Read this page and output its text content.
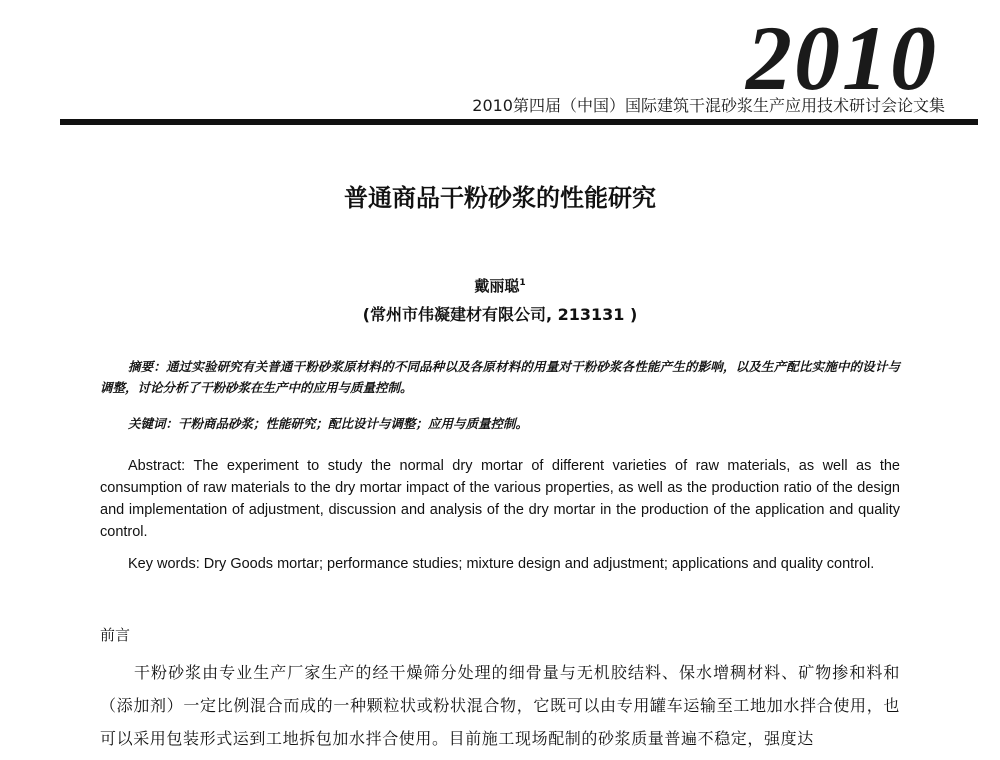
2010
2010第四届（中国）国际建筑干混砂浆生产应用技术研讨会论文集
普通商品干粉砂浆的性能研究
戴丽聪$^1$
(常州市伟凝建材有限公司, 213131 )
摘要：通过实验研究有关普通干粉砂浆原材料的不同品种以及各原材料的用量对干粉砂浆各性能产生的影响，以及生产配比实施中的设计与调整，讨论分析了干粉砂浆在生产中的应用与质量控制。
关键词：干粉商品砂浆；性能研究；配比设计与调整；应用与质量控制。
Abstract: The experiment to study the normal dry mortar of different varieties of raw materials, as well as the consumption of raw materials to the dry mortar impact of the various properties, as well as the production ratio of the design and implementation of adjustment, discussion and analysis of the dry mortar in the production of the application and quality control.
Key words: Dry Goods mortar; performance studies; mixture design and adjustment; applications and quality control.
前言
干粉砂浆由专业生产厂家生产的经干燥筛分处理的细骨量与无机胶结料、保水增稠材料、矿物掺和料和（添加剂）一定比例混合而成的一种颗粒状或粉状混合物，它既可以由专用罐车运输至工地加水拌合使用，也可以采用包装形式运到工地拆包加水拌合使用。目前施工现场配制的砂浆质量普遍不稳定，强度达
